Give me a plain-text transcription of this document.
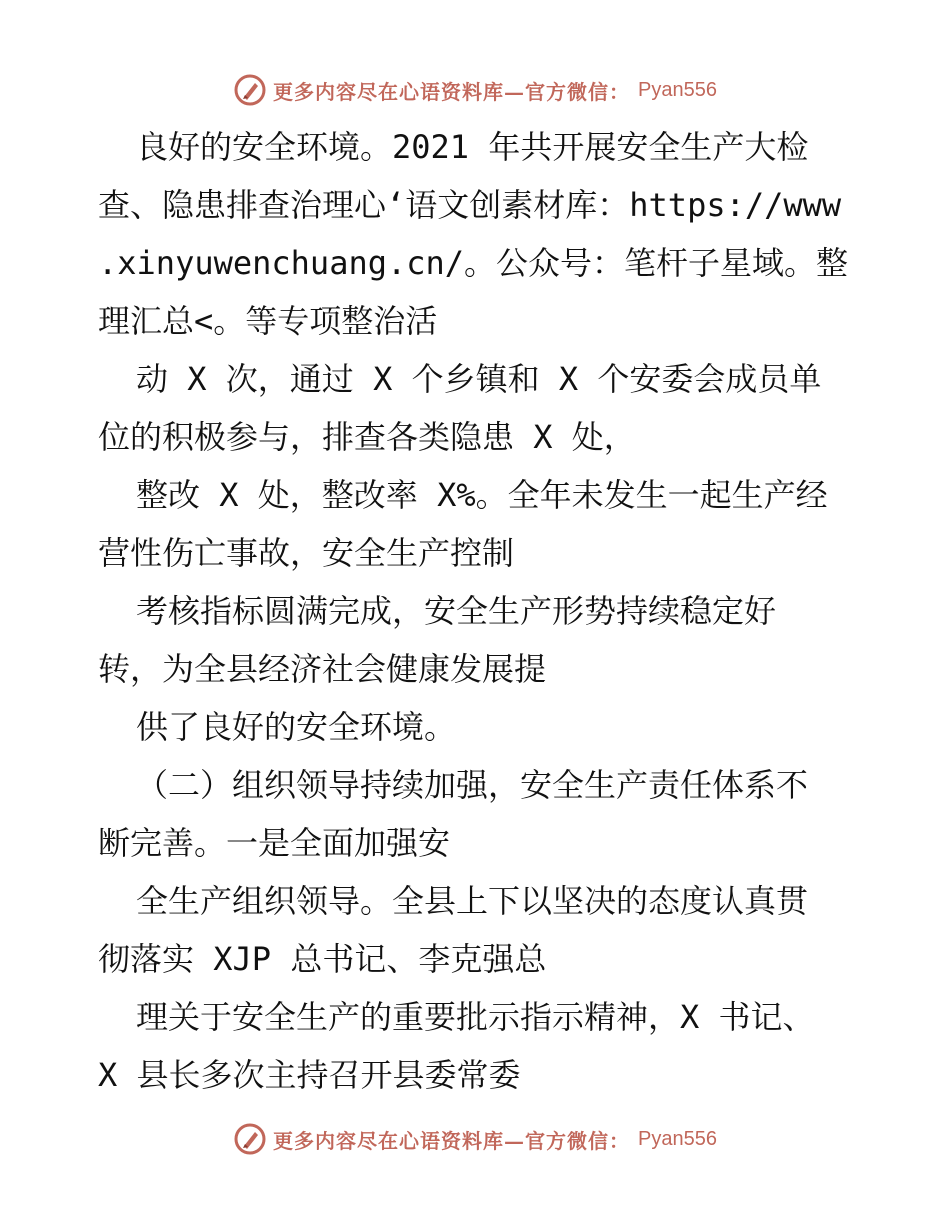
更多内容尽在心语资料库—官方微信： Pyan556
良好的安全环境。2021 年共开展安全生产大检
查、隐患排查治理心‘语文创素材库：https://www
.xinyuwenchuang.cn/。公众号：笔杆子星域。整
理汇总<。等专项整治活
动 X 次，通过 X 个乡镇和 X 个安委会成员单
位的积极参与，排查各类隐患 X 处，
整改 X 处，整改率 X%。全年未发生一起生产经
营性伤亡事故，安全生产控制
考核指标圆满完成，安全生产形势持续稳定好
转，为全县经济社会健康发展提
供了良好的安全环境。
（二）组织领导持续加强，安全生产责任体系不
断完善。一是全面加强安
全生产组织领导。全县上下以坚决的态度认真贯
彻落实 XJP 总书记、李克强总
理关于安全生产的重要批示指示精神，X 书记、
X 县长多次主持召开县委常委
更多内容尽在心语资料库—官方微信： Pyan556
